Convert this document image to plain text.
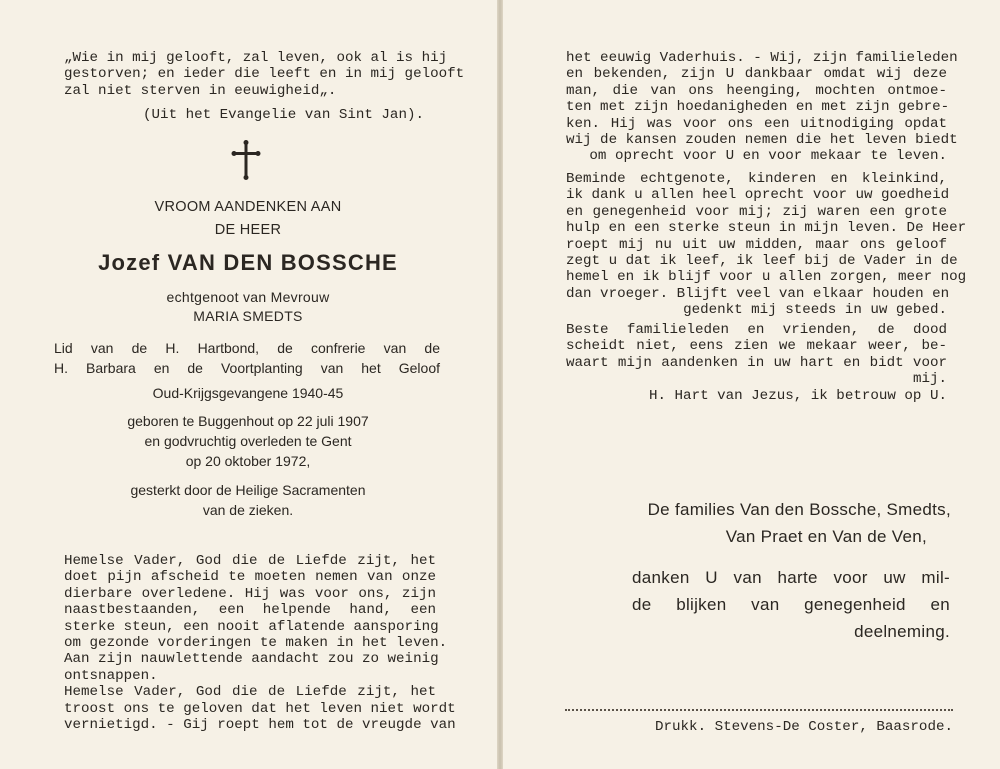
„Wie in mij gelooft, zal leven, ook al is hij
gestorven; en ieder die leeft en in mij gelooft
zal niet sterven in eeuwigheid„.
(Uit het Evangelie van Sint Jan).
VROOM AANDENKEN AAN
DE HEER
Jozef VAN DEN BOSSCHE
echtgenoot van Mevrouw
MARIA SMEDTS
Lid van de H. Hartbond, de confrerie van de
H. Barbara en de Voortplanting van het Geloof
Oud-Krijgsgevangene 1940-45
geboren te Buggenhout op 22 juli 1907
en godvruchtig overleden te Gent
op 20 oktober 1972,
gesterkt door de Heilige Sacramenten
van de zieken.
Hemelse Vader, God die de Liefde zijt, het
doet pijn afscheid te moeten nemen van onze
dierbare overledene. Hij was voor ons, zijn
naastbestaanden, een helpende hand, een
sterke steun, een nooit aflatende aansporing
om gezonde vorderingen te maken in het leven.
Aan zijn nauwlettende aandacht zou zo weinig
ontsnappen.
Hemelse Vader, God die de Liefde zijt, het
troost ons te geloven dat het leven niet wordt
vernietigd. - Gij roept hem tot de vreugde van
het eeuwig Vaderhuis. - Wij, zijn familieleden
en bekenden, zijn U dankbaar omdat wij deze
man, die van ons heenging, mochten ontmoe-
ten met zijn hoedanigheden en met zijn gebre-
ken. Hij was voor ons een uitnodiging opdat
wij de kansen zouden nemen die het leven biedt
om oprecht voor U en voor mekaar te leven.
Beminde echtgenote, kinderen en kleinkind,
ik dank u allen heel oprecht voor uw goedheid
en genegenheid voor mij; zij waren een grote
hulp en een sterke steun in mijn leven. De Heer
roept mij nu uit uw midden, maar ons geloof
zegt u dat ik leef, ik leef bij de Vader in de
hemel en ik blijf voor u allen zorgen, meer nog
dan vroeger. Blijft veel van elkaar houden en
gedenkt mij steeds in uw gebed.
Beste familieleden en vrienden, de dood
scheidt niet, eens zien we mekaar weer, be-
waart mijn aandenken in uw hart en bidt voor
mij.
H. Hart van Jezus, ik betrouw op U.
De families Van den Bossche, Smedts,
Van Praet en Van de Ven,
danken U van harte voor uw mil-
de blijken van genegenheid en
deelneming.
Drukk. Stevens-De Coster, Baasrode.
